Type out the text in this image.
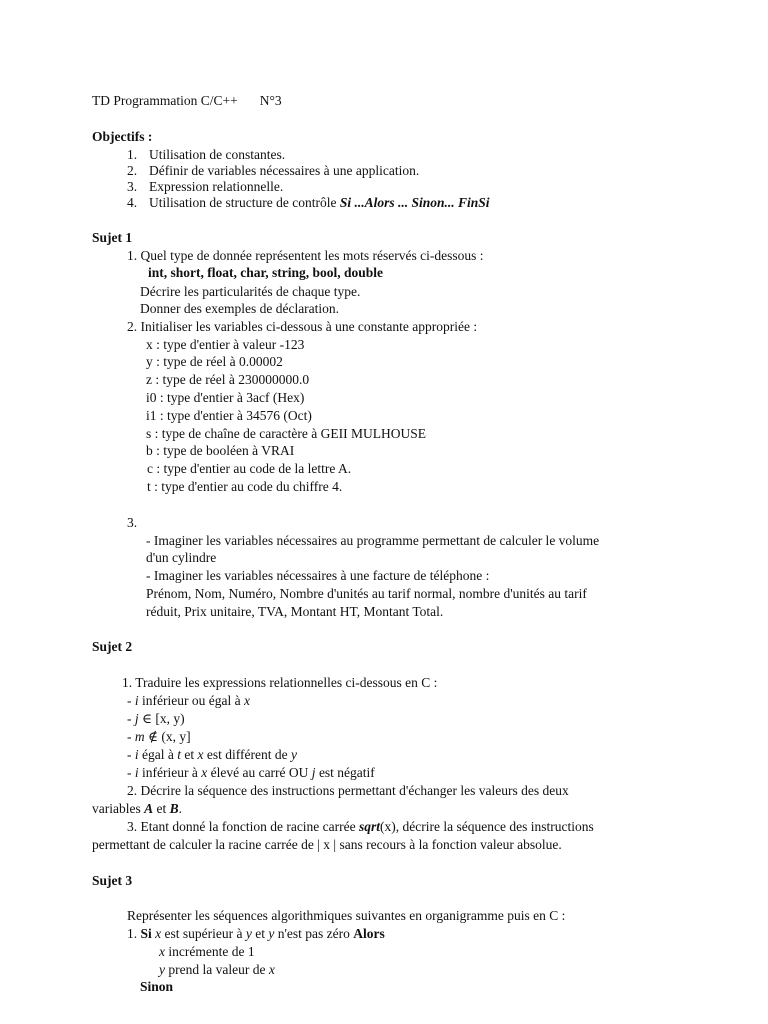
TD Programmation C/C++ N°3
Objectifs :
1. Utilisation de constantes.
2. Définir de variables nécessaires à une application.
3. Expression relationnelle.
4. Utilisation de structure de contrôle Si ...Alors ... Sinon... FinSi
Sujet 1
1. Quel type de donnée représentent les mots réservés ci-dessous :
int, short, float, char, string, bool, double
Décrire les particularités de chaque type.
Donner des exemples de déclaration.
2. Initialiser les variables ci-dessous à une constante appropriée :
x : type d'entier à valeur -123
y : type de réel à 0.00002
z : type de réel à 230000000.0
i0 : type d'entier à 3acf (Hex)
i1 : type d'entier à 34576 (Oct)
s : type de chaîne de caractère à GEII MULHOUSE
b : type de booléen à VRAI
c : type d'entier au code de la lettre A.
t : type d'entier au code du chiffre 4.
3.
- Imaginer les variables nécessaires au programme permettant de calculer le volume
d'un cylindre
- Imaginer les variables nécessaires à une facture de téléphone :
Prénom, Nom, Numéro, Nombre d'unités au tarif normal, nombre d'unités au tarif
réduit, Prix unitaire, TVA, Montant HT, Montant Total.
Sujet 2
1. Traduire les expressions relationnelles ci-dessous en C :
- i inférieur ou égal à x
- j ∈ [x, y)
- m ∉ (x, y]
- i égal à t et x est différent de y
- i inférieur à x élevé au carré OU j est négatif
2. Décrire la séquence des instructions permettant d'échanger les valeurs des deux
variables A et B.
3. Etant donné la fonction de racine carrée sqrt(x), décrire la séquence des instructions
permettant de calculer la racine carrée de | x | sans recours à la fonction valeur absolue.
Sujet 3
Représenter les séquences algorithmiques suivantes en organigramme puis en C :
1. Si x est supérieur à y et y n'est pas zéro Alors
x incrémente de 1
y prend la valeur de x
Sinon
